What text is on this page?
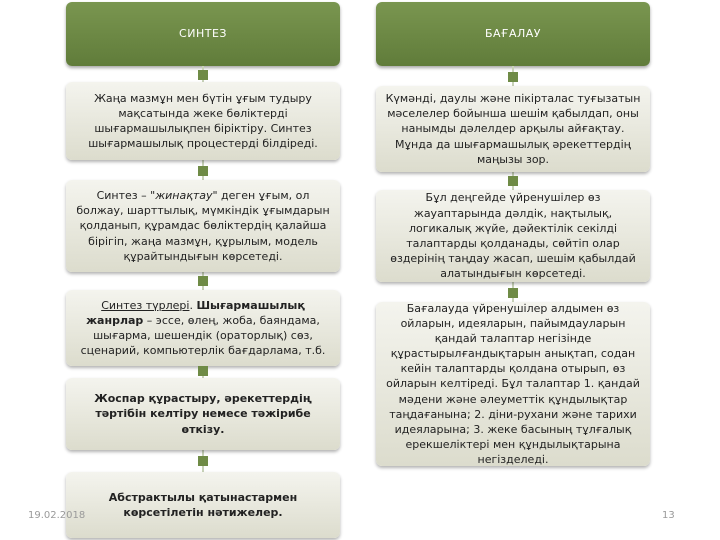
СИНТЕЗ
Жаңа мазмұн мен бүтін ұғым тудыру мақсатында жеке бөліктерді шығармашылықпен біріктіру. Синтез шығармашылық процестерді білдіреді.
Синтез – "жинақтау" деген ұғым, ол болжау, шарттылық, мүмкіндік ұғымдарын қолданып, құрамдас бөліктердің қалайша бірігіп, жаңа мазмұн, құрылым, модель құрайтындығын көрсетеді.
Синтез түрлері. Шығармашылық жанрлар – эссе, өлең, жоба, баяндама, шығарма, шешендік (ораторлық) сөз, сценарий, компьютерлік бағдарлама, т.б.
Жоспар құрастыру, әрекеттердің тәртібін келтіру немесе тәжірибе өткізу.
Абстрактылы қатынастармен көрсетілетін нәтижелер.
БАҒАЛАУ
Күмәнді, даулы және пікірталас туғызатын мәселелер бойынша шешім қабылдап, оны нанымды дәлелдер арқылы айғақтау. Мұнда да шығармашылық әрекеттердің маңызы зор.
Бұл деңгейде үйренушілер өз жауаптарында дәлдік, нақтылық, логикалық жүйе, дәйектілік секілді талаптарды қолданады, сөйтіп олар өздерінің таңдау жасап, шешім қабылдай алатындығын көрсетеді.
Бағалауда үйренушілер алдымен өз ойларын, идеяларын, пайымдауларын қандай талаптар негізінде құрастырылғандықтарын анықтап, содан кейін талаптарды қолдана отырып, өз ойларын келтіреді. Бұл талаптар 1. қандай мәдени және әлеуметтік құндылықтар таңдағанына; 2. діни-рухани және тарихи идеяларына; 3. жеке басының тұлғалық ерекшеліктері мен құндылықтарына негізделеді.
19.02.2018	13
